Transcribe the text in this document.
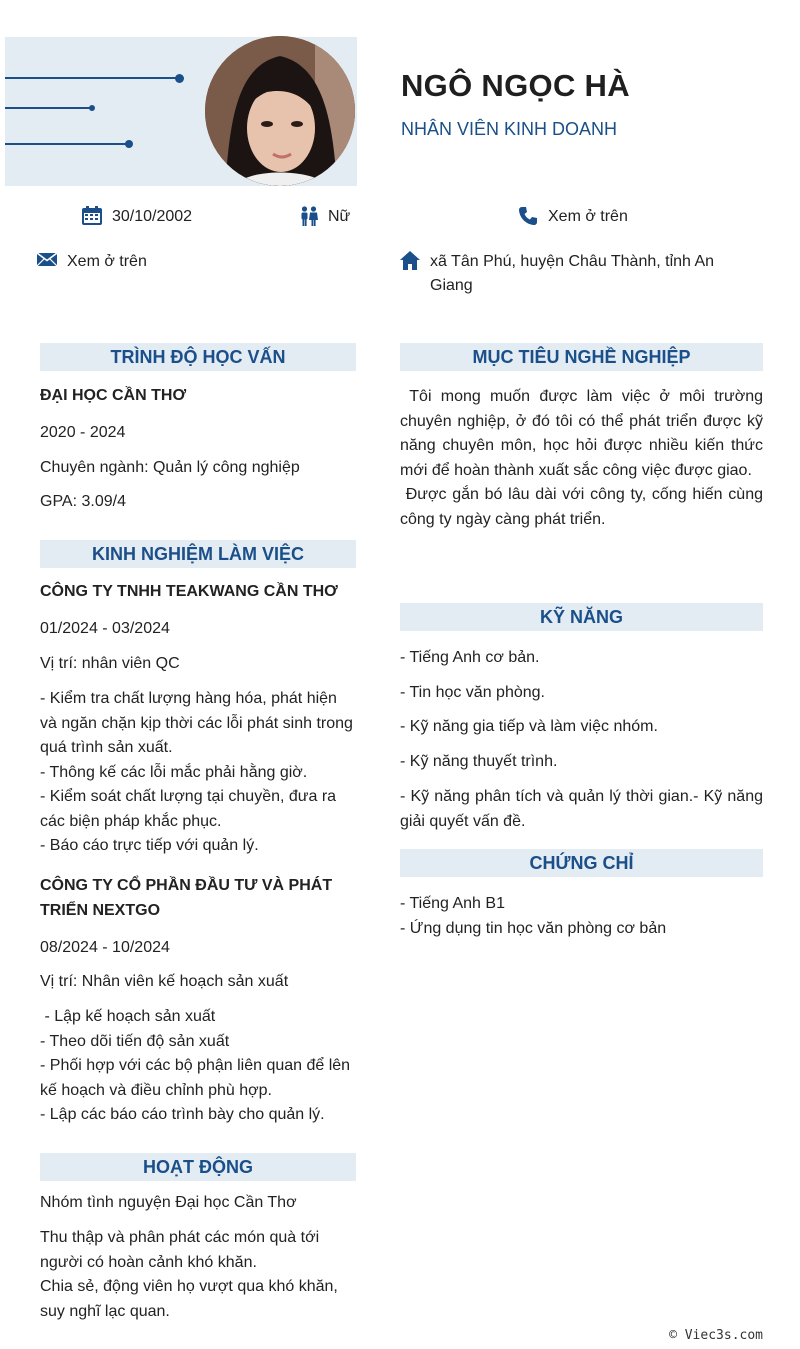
NGÔ NGỌC HÀ
NHÂN VIÊN KINH DOANH
30/10/2002	Nữ	Xem ở trên
Xem ở trên	xã Tân Phú, huyện Châu Thành, tỉnh An Giang
TRÌNH ĐỘ HỌC VẤN
ĐẠI HỌC CẦN THƠ
2020 - 2024
Chuyên ngành: Quản lý công nghiệp
GPA: 3.09/4
KINH NGHIỆM LÀM VIỆC
CÔNG TY TNHH TEAKWANG CẦN THƠ
01/2024 - 03/2024
Vị trí: nhân viên QC
- Kiểm tra chất lượng hàng hóa, phát hiện và ngăn chặn kịp thời các lỗi phát sinh trong quá trình sản xuất.
- Thông kế các lỗi mắc phải hằng giờ.
- Kiểm soát chất lượng tại chuyền, đưa ra các biện pháp khắc phục.
- Báo cáo trực tiếp với quản lý.
CÔNG TY CỔ PHẦN ĐẦU TƯ VÀ PHÁT TRIỂN NEXTGO
08/2024 - 10/2024
Vị trí: Nhân viên kế hoạch sản xuất
- Lập kế hoạch sản xuất
- Theo dõi tiến độ sản xuất
- Phối hợp với các bộ phận liên quan để lên kế hoạch và điều chỉnh phù hợp.
- Lập các báo cáo trình bày cho quản lý.
HOẠT ĐỘNG
Nhóm tình nguyện Đại học Cần Thơ
Thu thập và phân phát các món quà tới người có hoàn cảnh khó khăn.
Chia sẻ, động viên họ vượt qua khó khăn, suy nghĩ lạc quan.
MỤC TIÊU NGHỀ NGHIỆP
Tôi mong muốn được làm việc ở môi trường chuyên nghiệp, ở đó tôi có thể phát triển được kỹ năng chuyên môn, học hỏi được nhiều kiến thức mới để hoàn thành xuất sắc công việc được giao.
Được gắn bó lâu dài với công ty, cống hiến cùng công ty ngày càng phát triển.
KỸ NĂNG
- Tiếng Anh cơ bản.
- Tin học văn phòng.
- Kỹ năng gia tiếp và làm việc nhóm.
- Kỹ năng thuyết trình.
- Kỹ năng phân tích và quản lý thời gian.- Kỹ năng giải quyết vấn đề.
CHỨNG CHỈ
- Tiếng Anh B1
- Ứng dụng tin học văn phòng cơ bản
© Viec3s.com
